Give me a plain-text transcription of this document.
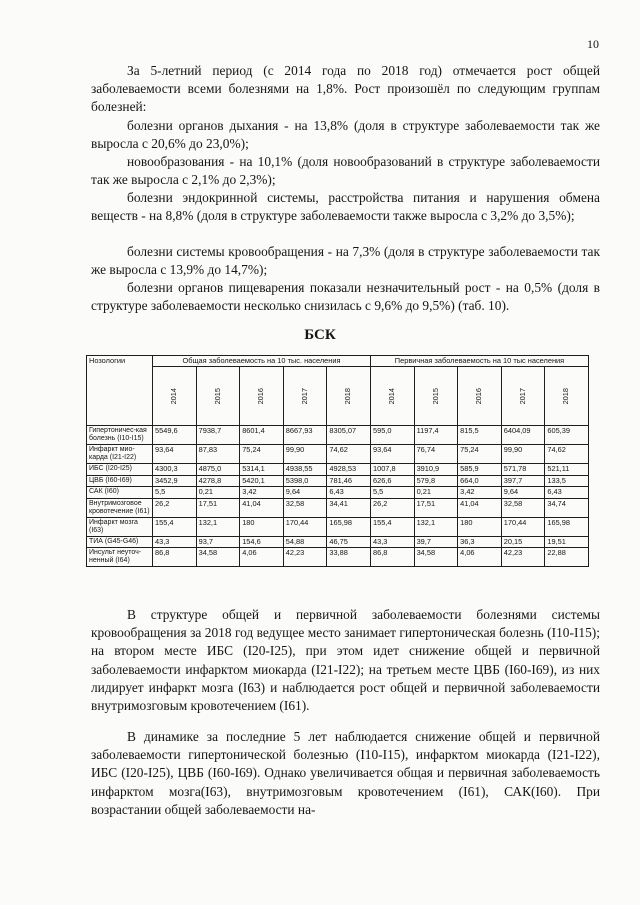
10
За 5-летний период (с 2014 года по 2018 год) отмечается рост общей заболеваемости всеми болезнями на 1,8%. Рост произошёл по следующим группам болезней:
болезни органов дыхания - на 13,8% (доля в структуре заболеваемости так же выросла с 20,6% до 23,0%);
новообразования - на 10,1% (доля новообразований в структуре заболеваемости так же выросла с 2,1% до 2,3%);
болезни эндокринной системы, расстройства питания и нарушения обмена веществ - на 8,8% (доля в структуре заболеваемости также выросла с 3,2% до 3,5%);
болезни системы кровообращения - на 7,3% (доля в структуре заболеваемости так же выросла с 13,9% до 14,7%);
болезни органов пищеварения показали незначительный рост - на 0,5% (доля в структуре заболеваемости несколько снизилась с 9,6% до 9,5%) (таб. 10).
БСК
Нозологии	Общая заболеваемость на 10 тыс. населения					Первичная заболеваемость на 10 тыс населения				
	2014	2015	2016	2017	2018	2014	2015	2016	2017	2018
Гипертоничес-кая болезнь (I10-I15)	5549,6	7938,7	8601,4	8667,93	8305,07	595,0	1197,4	815,5	6404,09	605,39
Инфаркт мио-карда (I21-I22)	93,64	87,83	75,24	99,90	74,62	93,64	76,74	75,24	99,90	74,62
ИБС (I20-I25)	4300,3	4875,0	5314,1	4938,55	4928,53	1007,8	3910,9	585,9	571,78	521,11
ЦВБ (I60-I69)	3452,9	4278,8	5420,1	5398,0	781,46	626,6	579,8	664,0	397,7	133,5
САК (I60)	5,5	0,21	3,42	9,64	6,43	5,5	0,21	3,42	9,64	6,43
Внутримозговое кровотечение (I61)	26,2	17,51	41,04	32,58	34,41	26,2	17,51	41,04	32,58	34,74
Инфаркт мозга (I63)	155,4	132,1	180	170,44	165,98	155,4	132,1	180	170,44	165,98
ТИА (G45-G46)	43,3	93,7	154,6	54,88	46,75	43,3	39,7	36,3	20,15	19,51
Инсульт неуточ-ненный (I64)	86,8	34,58	4,06	42,23	33,88	86,8	34,58	4,06	42,23	22,88
В структуре общей и первичной заболеваемости болезнями системы кровообращения за 2018 год ведущее место занимает гипертоническая болезнь (I10-I15); на втором месте ИБС (I20-I25), при этом идет снижение общей и первичной заболеваемости инфарктом миокарда (I21-I22); на третьем месте ЦВБ (I60-I69), из них лидирует инфаркт мозга (I63) и наблюдается рост общей и первичной заболеваемости внутримозговым кровотечением (I61).
В динамике за последние 5 лет наблюдается снижение общей и первичной заболеваемости гипертонической болезнью (I10-I15), инфарктом миокарда (I21-I22), ИБС (I20-I25), ЦВБ (I60-I69). Однако увеличивается общая и первичная заболеваемость инфарктом мозга(I63), внутримозговым кровотечением (I61), САК(I60). При возрастании общей заболеваемости на-
